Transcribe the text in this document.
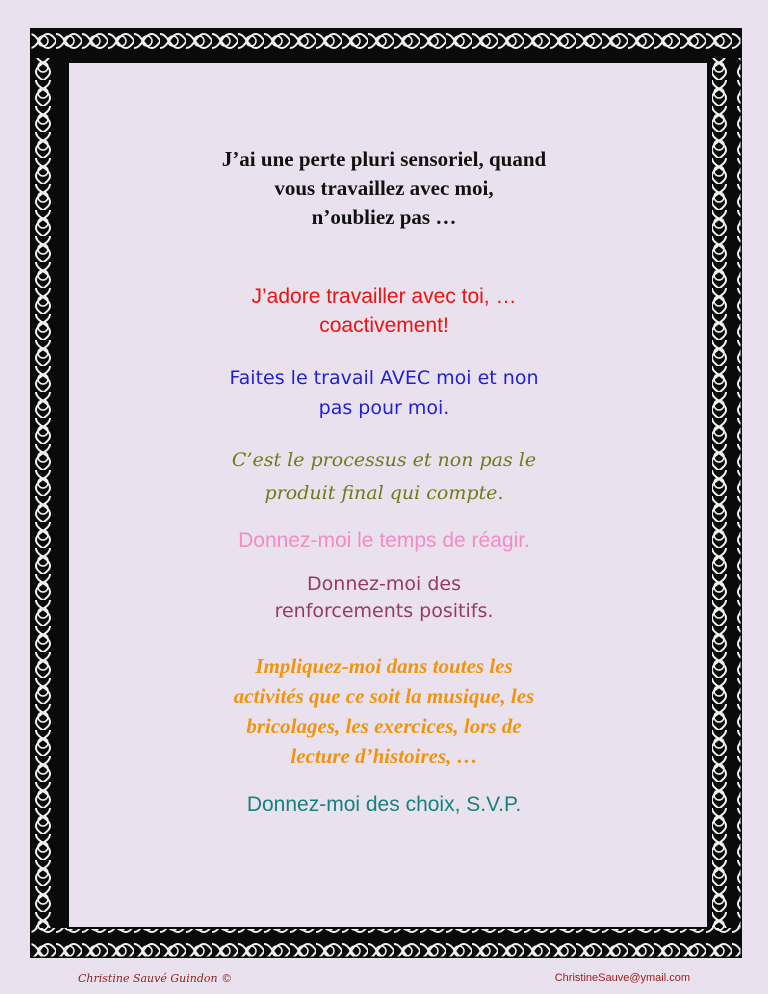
J’ai une perte pluri sensoriel, quand
vous travaillez avec moi,
n’oubliez pas …
J’adore travailler avec toi, …
coactivement!
Faites le travail AVEC moi et non
pas pour moi.
C’est le processus et non pas le
produit final qui compte.
Donnez-moi le temps de réagir.
Donnez-moi des
renforcements positifs.
Impliquez-moi dans toutes les
activités que ce soit la musique, les
bricolages, les exercices, lors de
lecture d’histoires, …
Donnez-moi des choix, S.V.P.
Christine Sauvé Guindon ©	ChristineSauve@ymail.com
